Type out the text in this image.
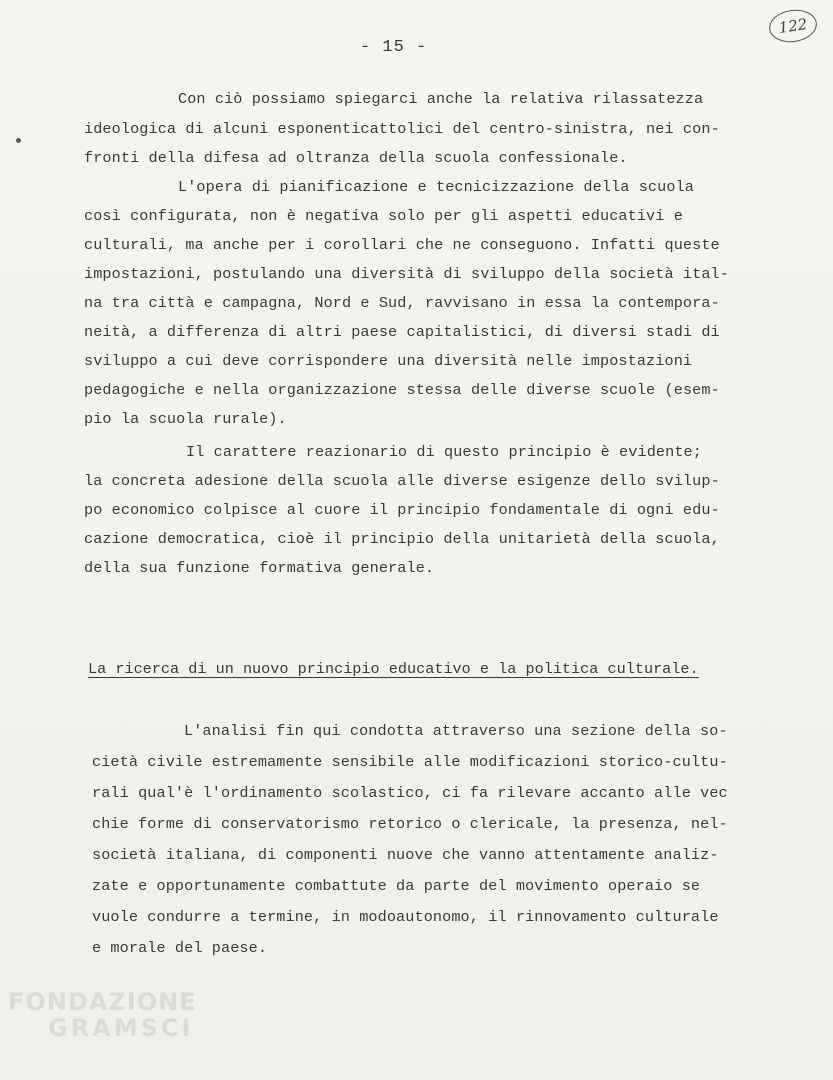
- 15 -
122
Con ciò possiamo spiegarci anche la relativa rilassatezza
ideologica di alcuni esponenticattolici del centro-sinistra, nei con-
fronti della difesa ad oltranza della scuola confessionale.
L'opera di pianificazione e tecnicizzazione della scuola
così configurata, non è negativa solo per gli aspetti educativi e
culturali, ma anche per i corollari che ne conseguono. Infatti queste
impostazioni, postulando una diversità di sviluppo della società ital-
na tra città e campagna, Nord e Sud, ravvisano in essa la contempora-
neità, a differenza di altri paese capitalistici, di diversi stadi di
sviluppo a cui deve corrispondere una diversità nelle impostazioni
pedagogiche e nella organizzazione stessa delle diverse scuole (esem-
pio la scuola rurale).
Il carattere reazionario di questo principio è evidente;
la concreta adesione della scuola alle diverse esigenze dello svilup-
po economico colpisce al cuore il principio fondamentale di ogni edu-
cazione democratica, cioè il principio della unitarietà della scuola,
della sua funzione formativa generale.
La ricerca di un nuovo principio educativo e la politica culturale.
L'analisi fin qui condotta attraverso una sezione della so-
cietà civile estremamente sensibile alle modificazioni storico-cultu-
rali qual'è l'ordinamento scolastico, ci fa rilevare accanto alle vec
chie forme di conservatorismo retorico o clericale, la presenza, nel-
società italiana, di componenti nuove che vanno attentamente analiz-
zate e opportunamente combattute da parte del movimento operaio se
vuole condurre a termine, in modoautonomo, il rinnovamento culturale
e morale del paese.
FONDAZIONE
GRAMSCI
